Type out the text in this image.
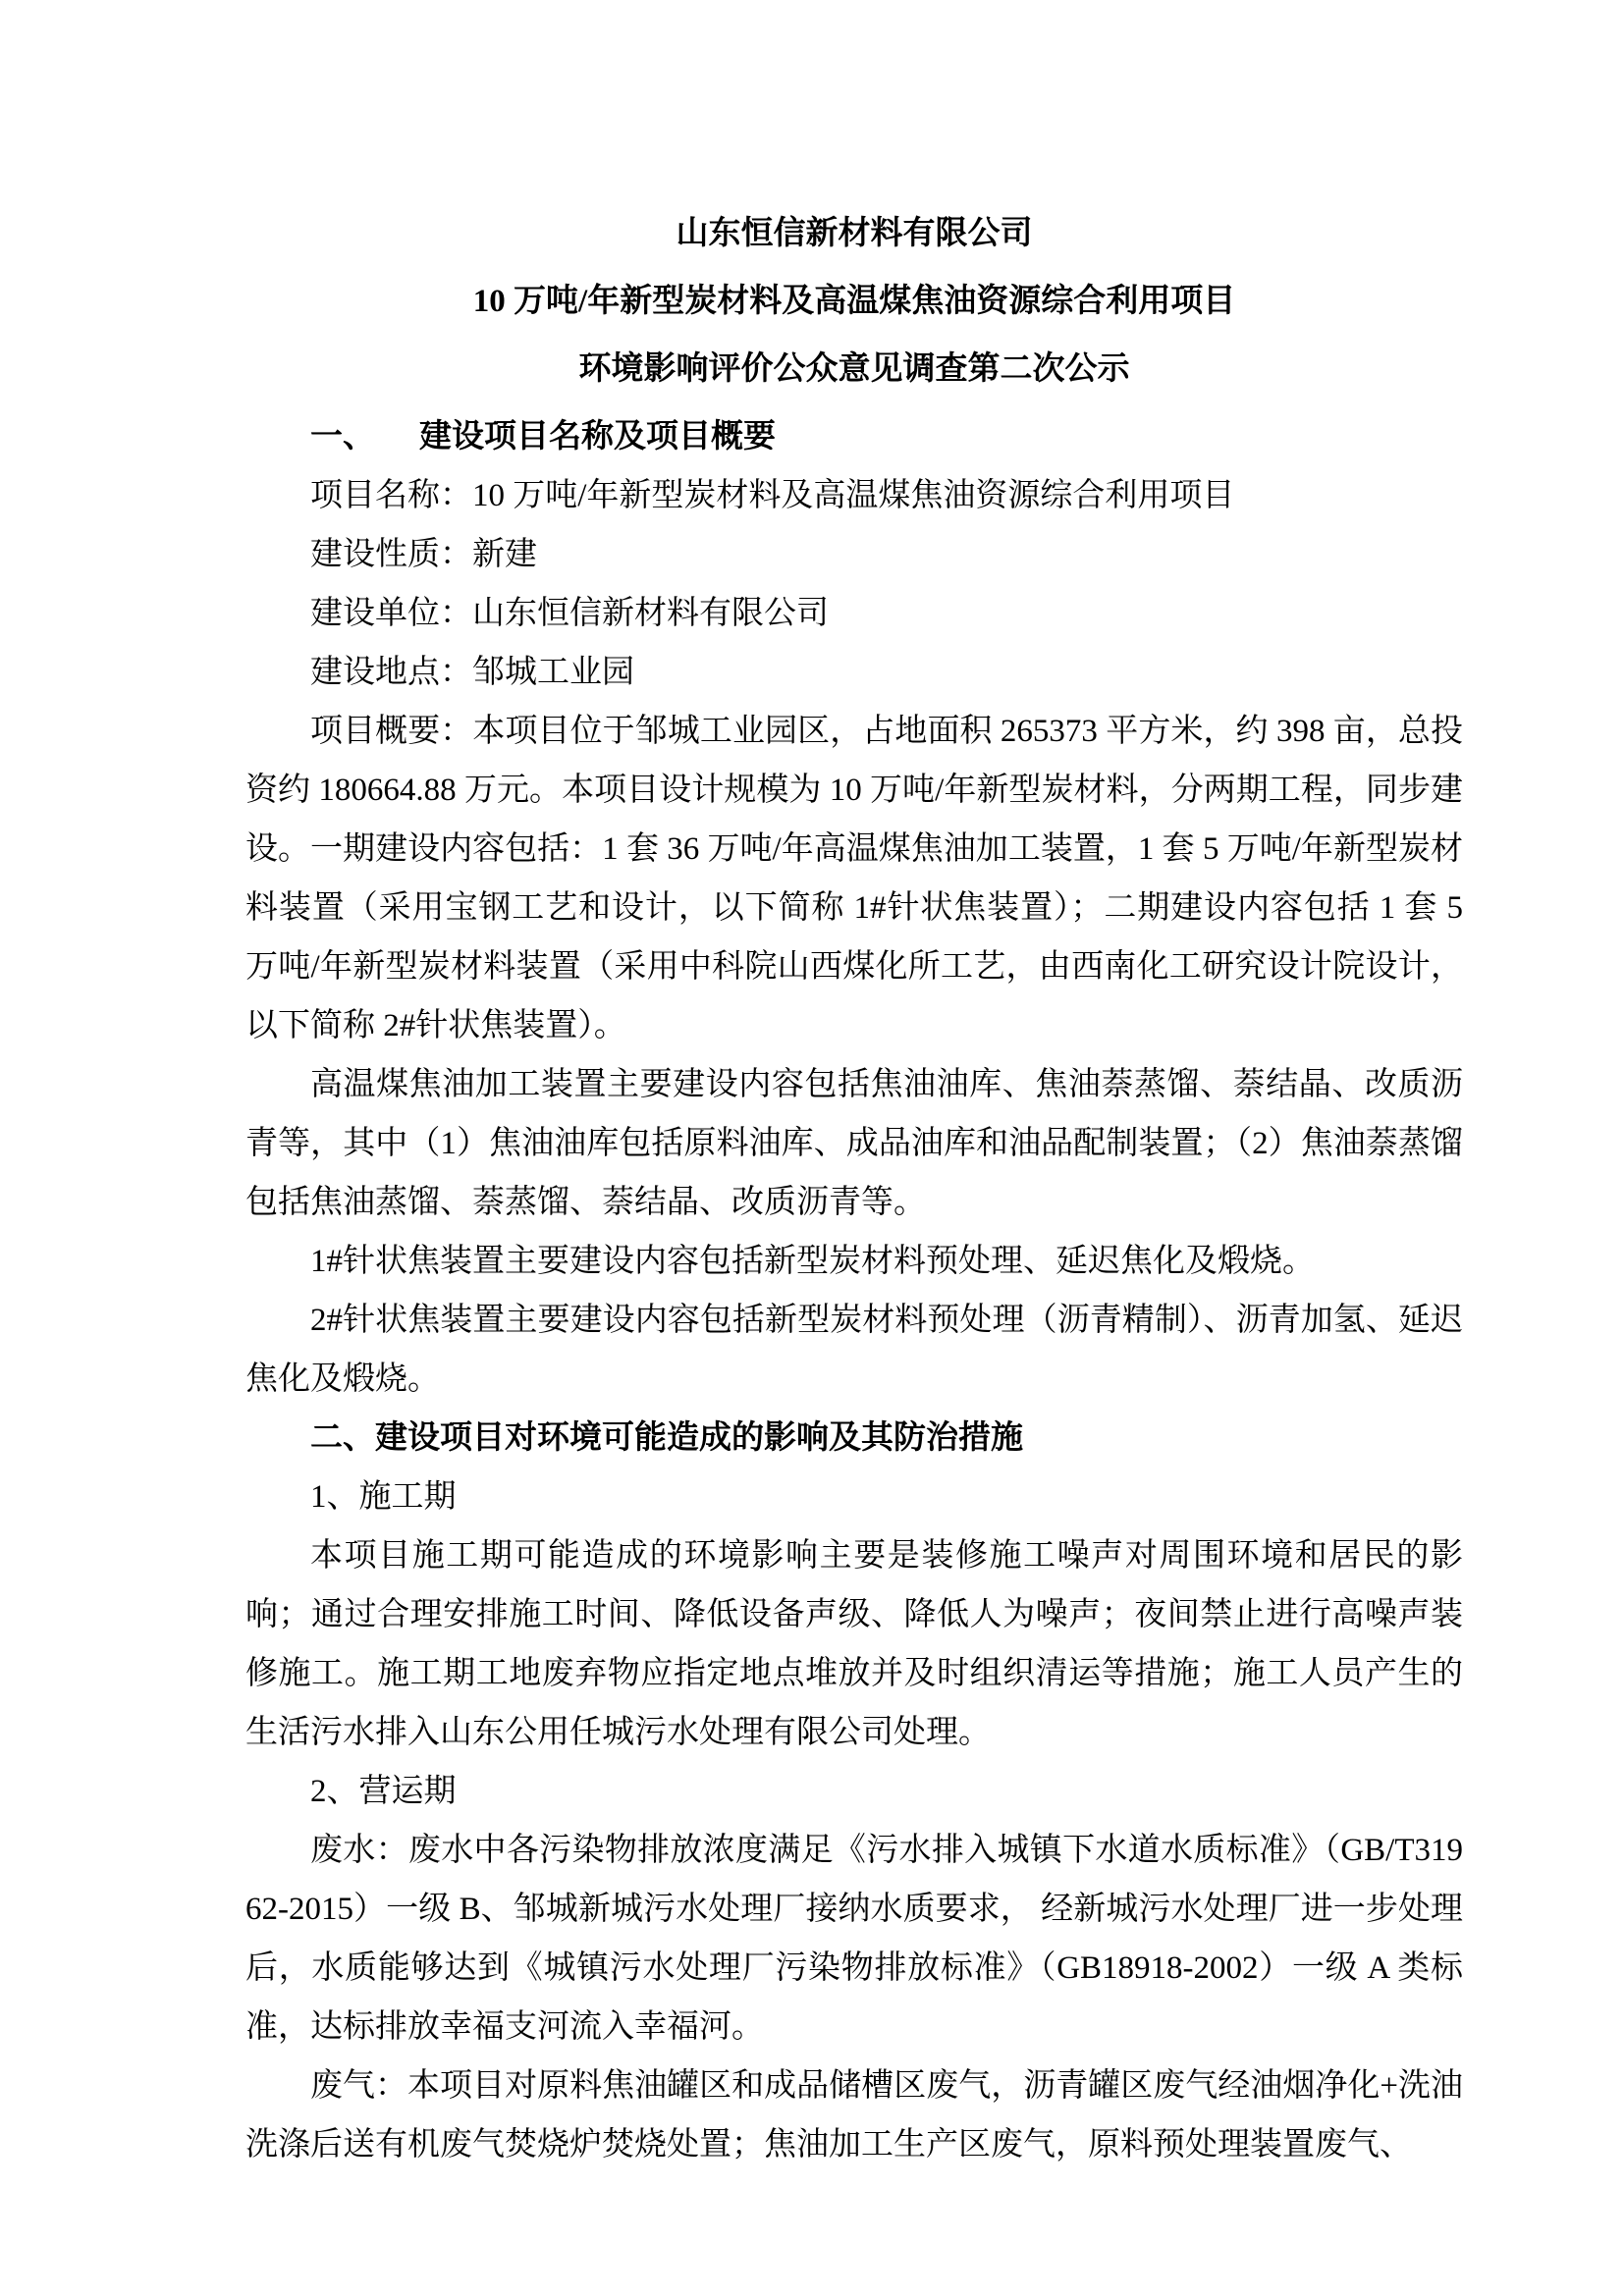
山东恒信新材料有限公司

10 万吨/年新型炭材料及高温煤焦油资源综合利用项目

环境影响评价公众意见调查第二次公示

一、 建设项目名称及项目概要

项目名称：10 万吨/年新型炭材料及高温煤焦油资源综合利用项目

建设性质：新建

建设单位：山东恒信新材料有限公司

建设地点：邹城工业园

项目概要：本项目位于邹城工业园区，占地面积 265373 平方米，约 398 亩，总投资约 180664.88 万元。本项目设计规模为 10 万吨/年新型炭材料，分两期工程，同步建设。一期建设内容包括：1 套 36 万吨/年高温煤焦油加工装置，1 套 5 万吨/年新型炭材料装置（采用宝钢工艺和设计，以下简称 1#针状焦装置）；二期建设内容包括 1 套 5 万吨/年新型炭材料装置（采用中科院山西煤化所工艺，由西南化工研究设计院设计，以下简称 2#针状焦装置）。

高温煤焦油加工装置主要建设内容包括焦油油库、焦油萘蒸馏、萘结晶、改质沥青等，其中（1）焦油油库包括原料油库、成品油库和油品配制装置；（2）焦油萘蒸馏包括焦油蒸馏、萘蒸馏、萘结晶、改质沥青等。

1#针状焦装置主要建设内容包括新型炭材料预处理、延迟焦化及煅烧。

2#针状焦装置主要建设内容包括新型炭材料预处理（沥青精制）、沥青加氢、延迟焦化及煅烧。

二、建设项目对环境可能造成的影响及其防治措施

1、施工期

本项目施工期可能造成的环境影响主要是装修施工噪声对周围环境和居民的影响；通过合理安排施工时间、降低设备声级、降低人为噪声；夜间禁止进行高噪声装修施工。施工期工地废弃物应指定地点堆放并及时组织清运等措施；施工人员产生的生活污水排入山东公用任城污水处理有限公司处理。

2、营运期

废水：废水中各污染物排放浓度满足《污水排入城镇下水道水质标准》（GB/T31962-2015）一级 B、邹城新城污水处理厂接纳水质要求， 经新城污水处理厂进一步处理后，水质能够达到《城镇污水处理厂污染物排放标准》（GB18918-2002）一级 A 类标准，达标排放幸福支河流入幸福河。

废气：本项目对原料焦油罐区和成品储槽区废气，沥青罐区废气经油烟净化+洗油洗涤后送有机废气焚烧炉焚烧处置；焦油加工生产区废气，原料预处理装置废气、
